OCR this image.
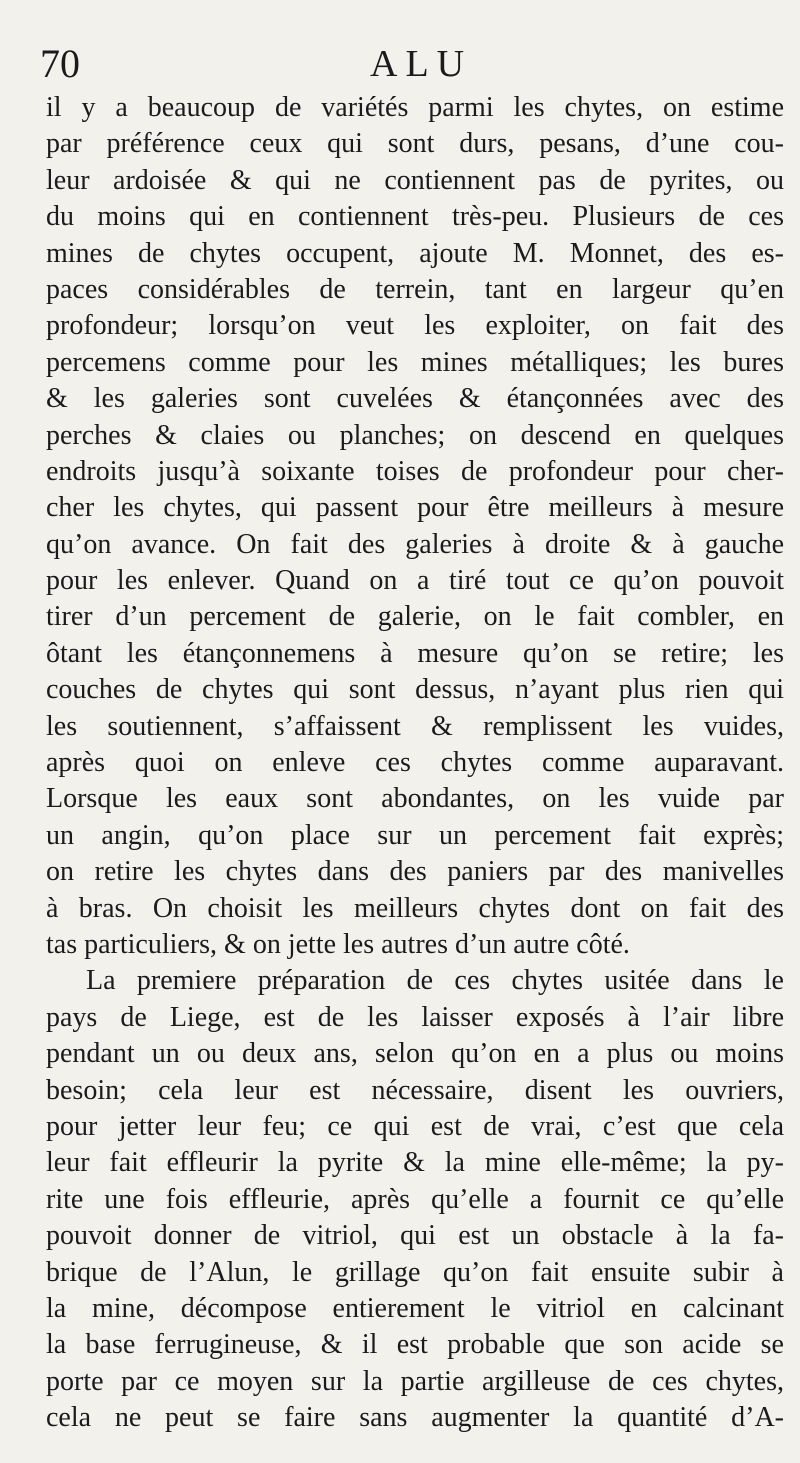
70	ALU
il y a beaucoup de variétés parmi les chytes, on estime
par préférence ceux qui sont durs, pesans, d’une cou-
leur ardoisée & qui ne contiennent pas de pyrites, ou
du moins qui en contiennent très-peu. Plusieurs de ces
mines de chytes occupent, ajoute M. Monnet, des es-
paces considérables de terrein, tant en largeur qu’en
profondeur; lorsqu’on veut les exploiter, on fait des
percemens comme pour les mines métalliques; les bures
& les galeries sont cuvelées & étançonnées avec des
perches & claies ou planches; on descend en quelques
endroits jusqu’à soixante toises de profondeur pour cher-
cher les chytes, qui passent pour être meilleurs à mesure
qu’on avance. On fait des galeries à droite & à gauche
pour les enlever. Quand on a tiré tout ce qu’on pouvoit
tirer d’un percement de galerie, on le fait combler, en
ôtant les étançonnemens à mesure qu’on se retire; les
couches de chytes qui sont dessus, n’ayant plus rien qui
les soutiennent, s’affaissent & remplissent les vuides,
après quoi on enleve ces chytes comme auparavant.
Lorsque les eaux sont abondantes, on les vuide par
un angin, qu’on place sur un percement fait exprès;
on retire les chytes dans des paniers par des manivelles
à bras. On choisit les meilleurs chytes dont on fait des
tas particuliers, & on jette les autres d’un autre côté.
La premiere préparation de ces chytes usitée dans le
pays de Liege, est de les laisser exposés à l’air libre
pendant un ou deux ans, selon qu’on en a plus ou moins
besoin; cela leur est nécessaire, disent les ouvriers,
pour jetter leur feu; ce qui est de vrai, c’est que cela
leur fait effleurir la pyrite & la mine elle-même; la py-
rite une fois effleurie, après qu’elle a fournit ce qu’elle
pouvoit donner de vitriol, qui est un obstacle à la fa-
brique de l’Alun, le grillage qu’on fait ensuite subir à
la mine, décompose entierement le vitriol en calcinant
la base ferrugineuse, & il est probable que son acide se
porte par ce moyen sur la partie argilleuse de ces chytes,
cela ne peut se faire sans augmenter la quantité d’A-
